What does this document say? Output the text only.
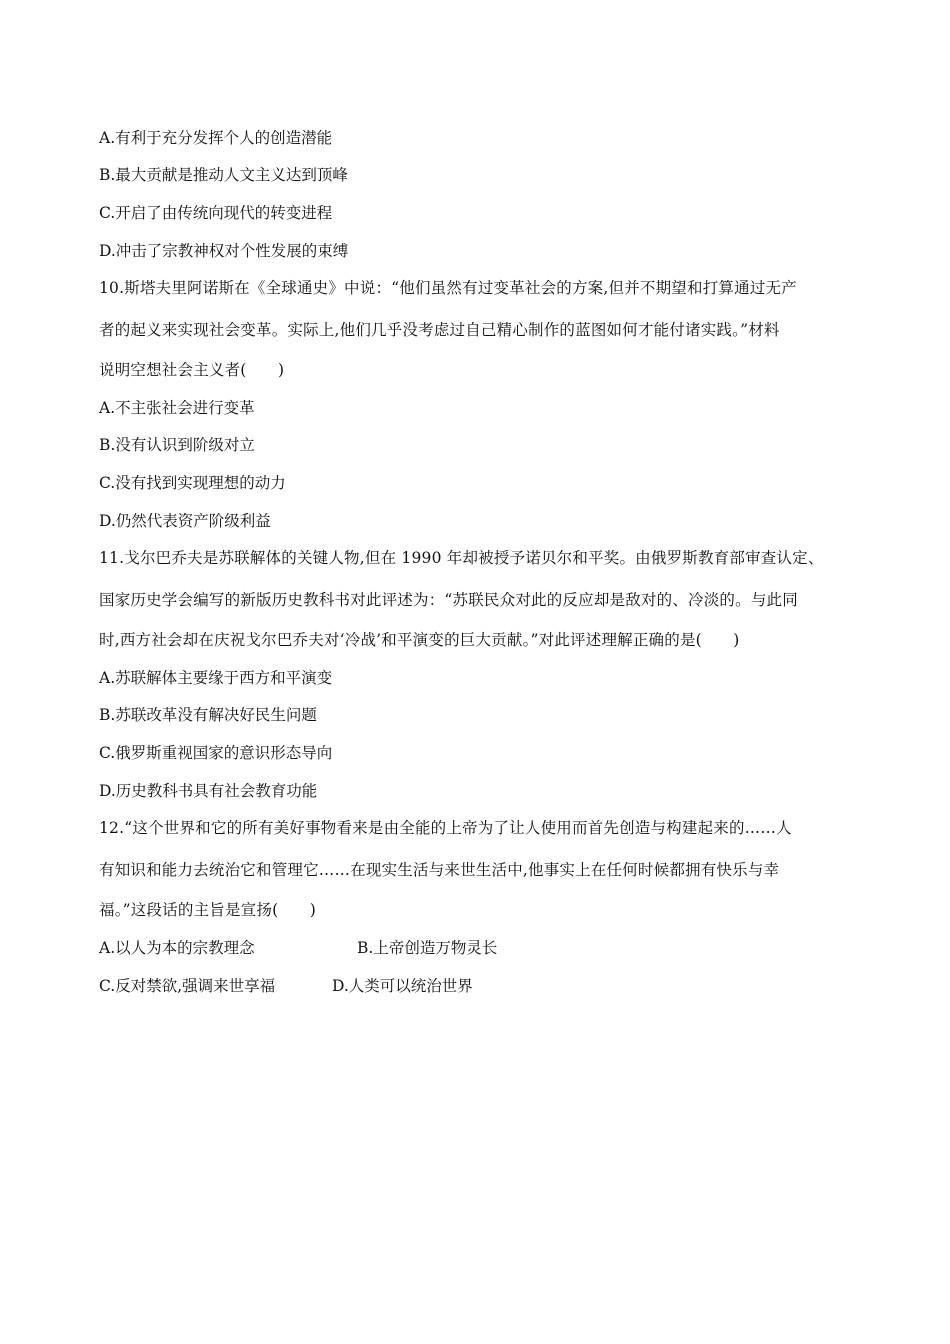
A.有利于充分发挥个人的创造潜能
B.最大贡献是推动人文主义达到顶峰
C.开启了由传统向现代的转变进程
D.冲击了宗教神权对个性发展的束缚
10.斯塔夫里阿诺斯在《全球通史》中说：“他们虽然有过变革社会的方案,但并不期望和打算通过无产
者的起义来实现社会变革。实际上,他们几乎没考虑过自己精心制作的蓝图如何才能付诸实践。”材料
说明空想社会主义者(　　)
A.不主张社会进行变革
B.没有认识到阶级对立
C.没有找到实现理想的动力
D.仍然代表资产阶级利益
11.戈尔巴乔夫是苏联解体的关键人物,但在 1990 年却被授予诺贝尔和平奖。由俄罗斯教育部审查认定、
国家历史学会编写的新版历史教科书对此评述为：“苏联民众对此的反应却是敌对的、冷淡的。与此同
时,西方社会却在庆祝戈尔巴乔夫对‘冷战’和平演变的巨大贡献。”对此评述理解正确的是(　　)
A.苏联解体主要缘于西方和平演变
B.苏联改革没有解决好民生问题
C.俄罗斯重视国家的意识形态导向
D.历史教科书具有社会教育功能
12.“这个世界和它的所有美好事物看来是由全能的上帝为了让人使用而首先创造与构建起来的……人
有知识和能力去统治它和管理它……在现实生活与来世生活中,他事实上在任何时候都拥有快乐与幸
福。”这段话的主旨是宣扬(　　)
A.以人为本的宗教理念	B.上帝创造万物灵长
C.反对禁欲,强调来世享福	D.人类可以统治世界
